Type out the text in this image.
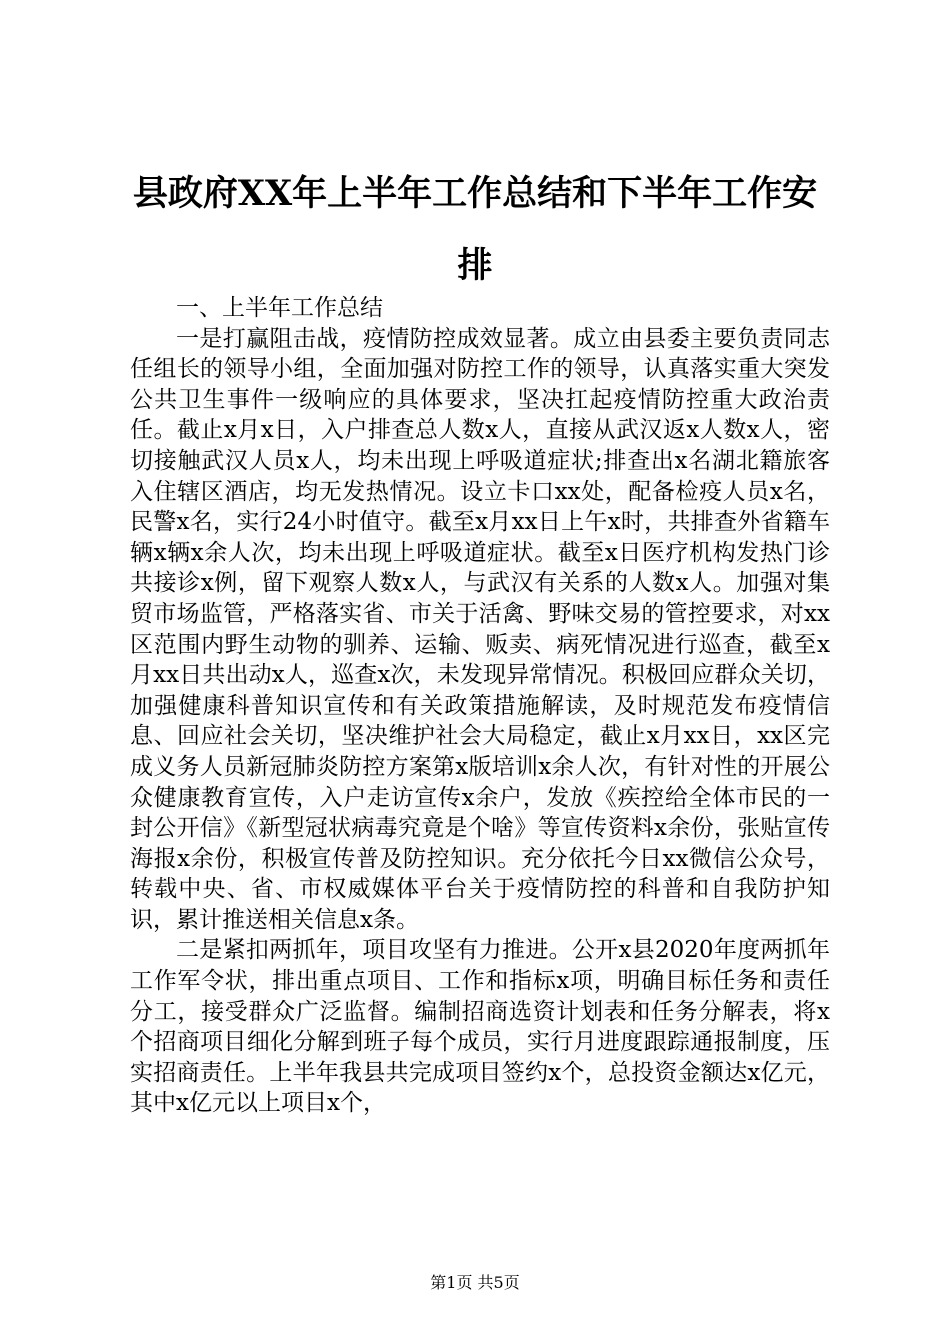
县政府XX年上半年工作总结和下半年工作安排

一、上半年工作总结

一是打赢阻击战，疫情防控成效显著。成立由县委主要负责同志任组长的领导小组，全面加强对防控工作的领导，认真落实重大突发公共卫生事件一级响应的具体要求，坚决扛起疫情防控重大政治责任。截止x月x日，入户排查总人数x人，直接从武汉返x人数x人，密切接触武汉人员x人，均未出现上呼吸道症状;排查出x名湖北籍旅客入住辖区酒店，均无发热情况。设立卡口xx处，配备检疫人员x名，民警x名，实行24小时值守。截至x月xx日上午x时，共排查外省籍车辆x辆x余人次，均未出现上呼吸道症状。截至x日医疗机构发热门诊共接诊x例，留下观察人数x人，与武汉有关系的人数x人。加强对集贸市场监管，严格落实省、市关于活禽、野味交易的管控要求，对xx区范围内野生动物的驯养、运输、贩卖、病死情况进行巡查，截至x月xx日共出动x人，巡查x次，未发现异常情况。积极回应群众关切，加强健康科普知识宣传和有关政策措施解读，及时规范发布疫情信息、回应社会关切，坚决维护社会大局稳定，截止x月xx日，xx区完成义务人员新冠肺炎防控方案第x版培训x余人次，有针对性的开展公众健康教育宣传，入户走访宣传x余户，发放《疾控给全体市民的一封公开信》《新型冠状病毒究竟是个啥》等宣传资料x余份，张贴宣传海报x余份，积极宣传普及防控知识。充分依托今日xx微信公众号，转载中央、省、市权威媒体平台关于疫情防控的科普和自我防护知识，累计推送相关信息x条。

二是紧扣两抓年，项目攻坚有力推进。公开x县2020年度两抓年工作军令状，排出重点项目、工作和指标x项，明确目标任务和责任分工，接受群众广泛监督。编制招商选资计划表和任务分解表，将x个招商项目细化分解到班子每个成员，实行月进度跟踪通报制度，压实招商责任。上半年我县共完成项目签约x个，总投资金额达x亿元，其中x亿元以上项目x个，

第1页 共5页
